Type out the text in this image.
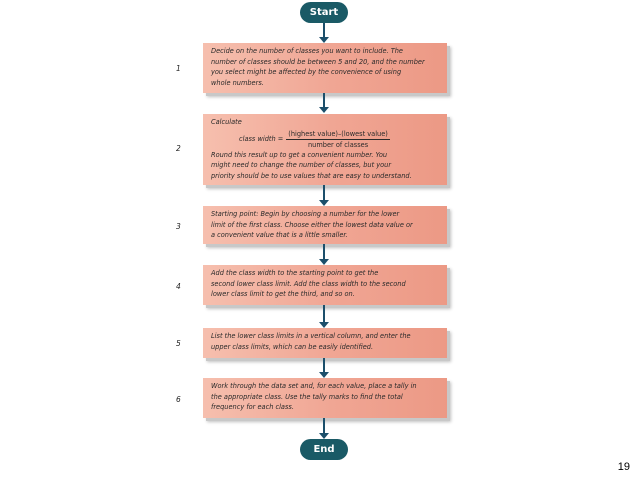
Start
1
Decide on the number of classes you want to include. The
number of classes should be between 5 and 20, and the number
you select might be affected by the convenience of using
whole numbers.
2
Calculate
class width = $\frac{\text{(highest value)–(lowest value)}}{\text{number of classes}}$
Round this result up to get a convenient number. You
might need to change the number of classes, but your
priority should be to use values that are easy to understand.
3
Starting point: Begin by choosing a number for the lower
limit of the first class. Choose either the lowest data value or
a convenient value that is a little smaller.
4
Add the class width to the starting point to get the
second lower class limit. Add the class width to the second
lower class limit to get the third, and so on.
5
List the lower class limits in a vertical column, and enter the
upper class limits, which can be easily identified.
6
Work through the data set and, for each value, place a tally in
the appropriate class. Use the tally marks to find the total
frequency for each class.
End
19
